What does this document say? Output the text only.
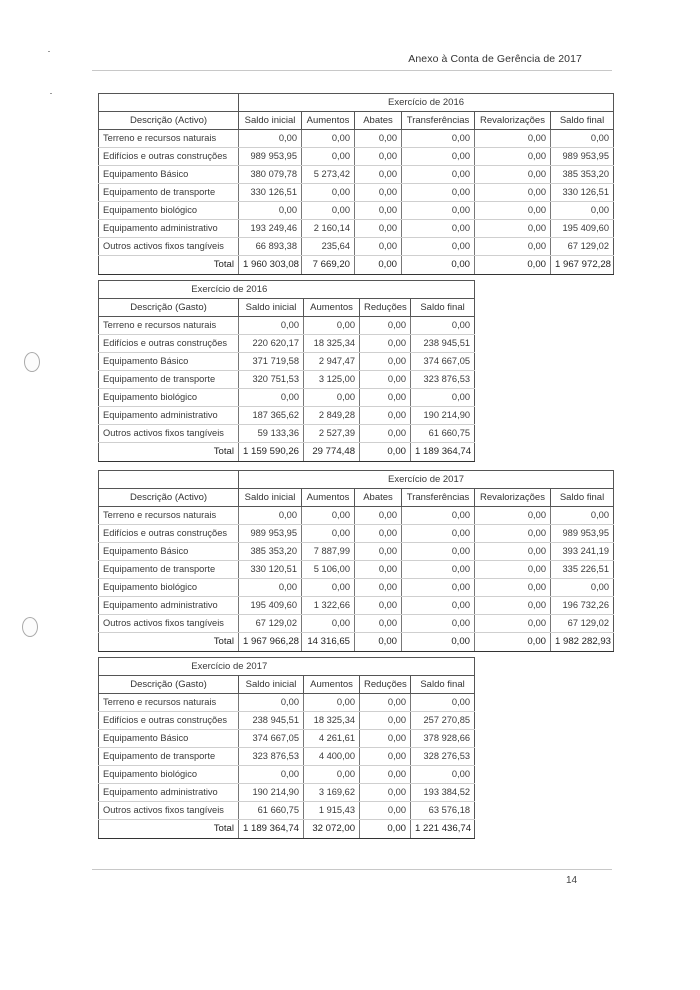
Anexo à Conta de Gerência de 2017
	Exercício de 2016					
Descrição (Activo)	Saldo inicial	Aumentos	Abates	Transferências	Revalorizações	Saldo final
Terreno e recursos naturais	0,00	0,00	0,00	0,00	0,00	0,00
Edifícios e outras construções	989 953,95	0,00	0,00	0,00	0,00	989 953,95
Equipamento Básico	380 079,78	5 273,42	0,00	0,00	0,00	385 353,20
Equipamento de transporte	330 126,51	0,00	0,00	0,00	0,00	330 126,51
Equipamento biológico	0,00	0,00	0,00	0,00	0,00	0,00
Equipamento administrativo	193 249,46	2 160,14	0,00	0,00	0,00	195 409,60
Outros activos fixos tangíveis	66 893,38	235,64	0,00	0,00	0,00	67 129,02
Total	1 960 303,08	7 669,20	0,00	0,00	0,00	1 967 972,28
Exercício de 2016				
Descrição (Gasto)	Saldo inicial	Aumentos	Reduções	Saldo final
Terreno e recursos naturais	0,00	0,00	0,00	0,00
Edifícios e outras construções	220 620,17	18 325,34	0,00	238 945,51
Equipamento Básico	371 719,58	2 947,47	0,00	374 667,05
Equipamento de transporte	320 751,53	3 125,00	0,00	323 876,53
Equipamento biológico	0,00	0,00	0,00	0,00
Equipamento administrativo	187 365,62	2 849,28	0,00	190 214,90
Outros activos fixos tangíveis	59 133,36	2 527,39	0,00	61 660,75
Total	1 159 590,26	29 774,48	0,00	1 189 364,74
	Exercício de 2017					
Descrição (Activo)	Saldo inicial	Aumentos	Abates	Transferências	Revalorizações	Saldo final
Terreno e recursos naturais	0,00	0,00	0,00	0,00	0,00	0,00
Edifícios e outras construções	989 953,95	0,00	0,00	0,00	0,00	989 953,95
Equipamento Básico	385 353,20	7 887,99	0,00	0,00	0,00	393 241,19
Equipamento de transporte	330 120,51	5 106,00	0,00	0,00	0,00	335 226,51
Equipamento biológico	0,00	0,00	0,00	0,00	0,00	0,00
Equipamento administrativo	195 409,60	1 322,66	0,00	0,00	0,00	196 732,26
Outros activos fixos tangíveis	67 129,02	0,00	0,00	0,00	0,00	67 129,02
Total	1 967 966,28	14 316,65	0,00	0,00	0,00	1 982 282,93
Exercício de 2017				
Descrição (Gasto)	Saldo inicial	Aumentos	Reduções	Saldo final
Terreno e recursos naturais	0,00	0,00	0,00	0,00
Edifícios e outras construções	238 945,51	18 325,34	0,00	257 270,85
Equipamento Básico	374 667,05	4 261,61	0,00	378 928,66
Equipamento de transporte	323 876,53	4 400,00	0,00	328 276,53
Equipamento biológico	0,00	0,00	0,00	0,00
Equipamento administrativo	190 214,90	3 169,62	0,00	193 384,52
Outros activos fixos tangíveis	61 660,75	1 915,43	0,00	63 576,18
Total	1 189 364,74	32 072,00	0,00	1 221 436,74
14
